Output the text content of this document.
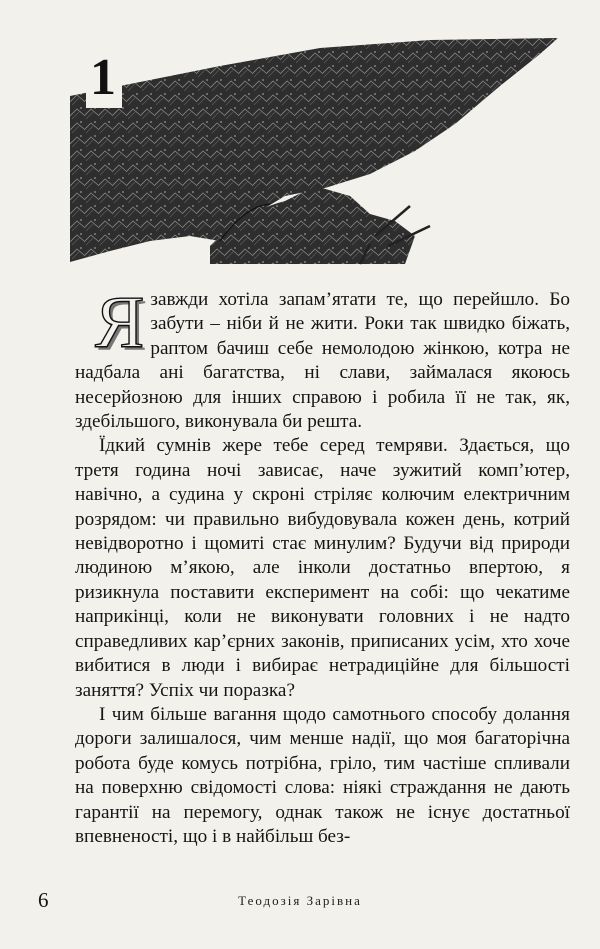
1

Язавжди хотіла запам’ятати те, що перейшло. Бо забути – ніби й не жити. Роки так швидко біжать, раптом бачиш себе немолодою жінкою, котра не надбала ані багатства, ні слави, займалася якоюсь несерйозною для інших справою і робила її не так, як, здебільшого, виконувала би решта.

Їдкий сумнів жере тебе серед темряви. Здається, що третя година ночі зависає, наче зужитий комп’ютер, навічно, а судина у скроні стріляє колючим електричним розрядом: чи правильно вибудовувала кожен день, котрий невідворотно і щомиті стає минулим? Будучи від природи людиною м’якою, але інколи достатньо впертою, я ризикнула поставити експеримент на собі: що чекатиме наприкінці, коли не виконувати головних і не надто справедливих кар’єрних законів, приписаних усім, хто хоче вибитися в люди і вибирає нетрадиційне для більшості заняття? Успіх чи поразка?

І чим більше вагання щодо самотнього способу долання дороги залишалося, чим менше надії, що моя багаторічна робота буде комусь потрібна, гріло, тим частіше спливали на поверхню свідомості слова: ніякі страждання не дають гарантії на перемогу, однак також не існує достатньої впевненості, що і в найбільш без-

6	Теодозія Зарівна
